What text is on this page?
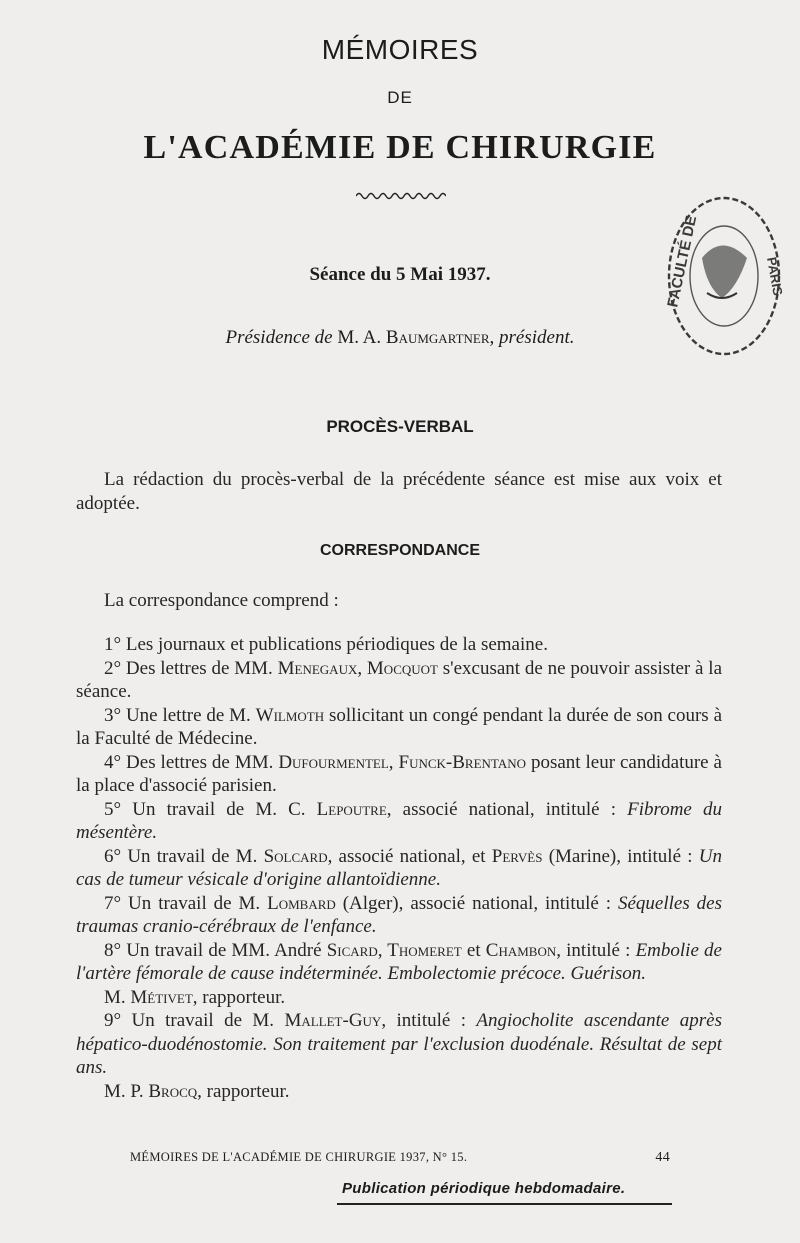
MÉMOIRES
DE
L'ACADÉMIE DE CHIRURGIE
FACULTÉ DE	PARIS
Séance du 5 Mai 1937.
Présidence de M. A. Baumgartner, président.
PROCÈS-VERBAL

La rédaction du procès-verbal de la précédente séance est mise aux voix et adoptée.

CORRESPONDANCE

La correspondance comprend :

1° Les journaux et publications périodiques de la semaine.

2° Des lettres de MM. Menegaux, Mocquot s'excusant de ne pouvoir assister à la séance.

3° Une lettre de M. Wilmoth sollicitant un congé pendant la durée de son cours à la Faculté de Médecine.

4° Des lettres de MM. Dufourmentel, Funck-Brentano posant leur candidature à la place d'associé parisien.

5° Un travail de M. C. Lepoutre, associé national, intitulé : Fibrome du mésentère.

6° Un travail de M. Solcard, associé national, et Pervès (Marine), intitulé : Un cas de tumeur vésicale d'origine allantoïdienne.

7° Un travail de M. Lombard (Alger), associé national, intitulé : Séquelles des traumas cranio-cérébraux de l'enfance.

8° Un travail de MM. André Sicard, Thomeret et Chambon, intitulé : Embolie de l'artère fémorale de cause indéterminée. Embolectomie précoce. Guérison.

M. Métivet, rapporteur.

9° Un travail de M. Mallet-Guy, intitulé : Angiocholite ascendante après hépatico-duodénostomie. Son traitement par l'exclusion duodénale. Résultat de sept ans.

M. P. Brocq, rapporteur.

MÉMOIRES DE L'ACADÉMIE DE CHIRURGIE 1937, N° 15.	44
Publication périodique hebdomadaire.
